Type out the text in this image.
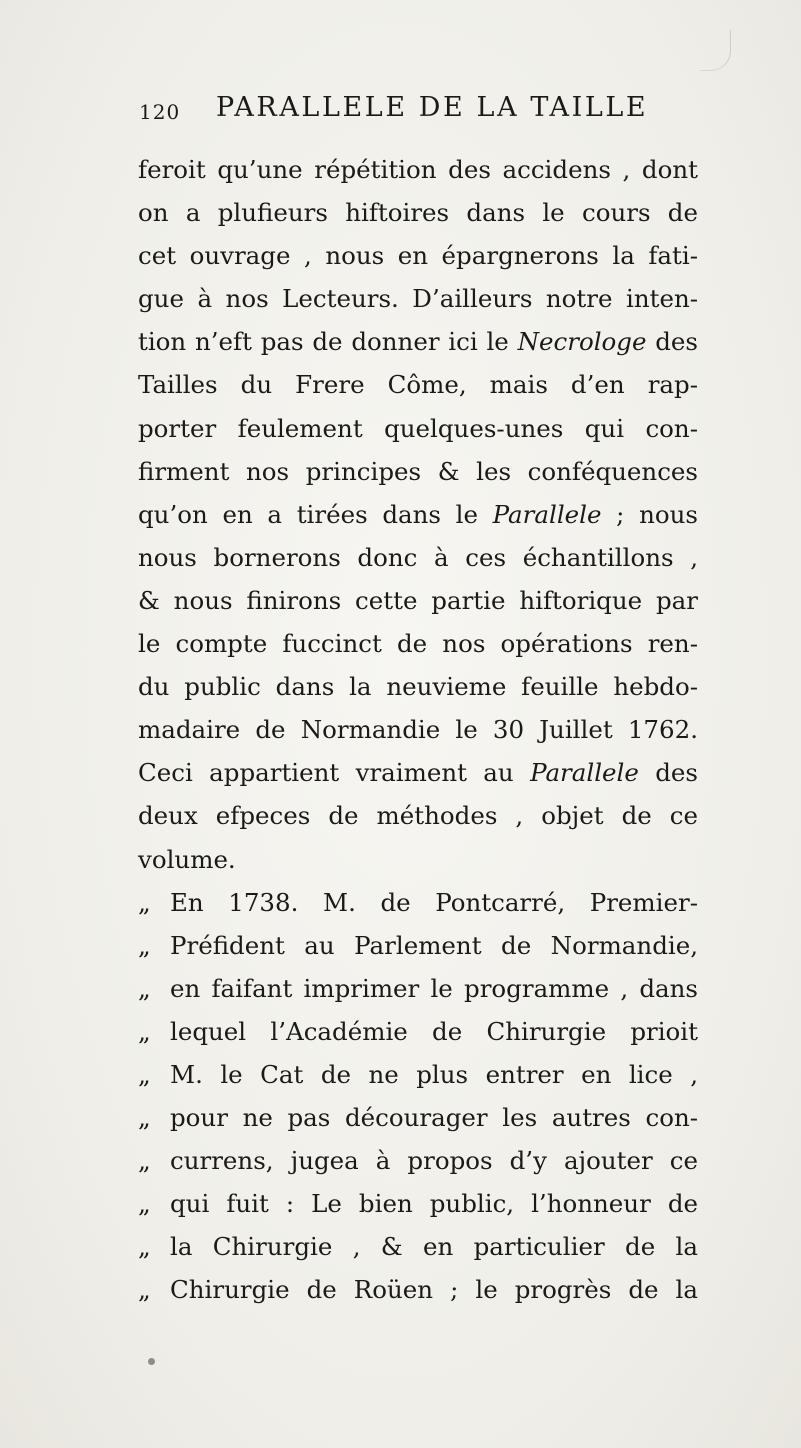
120 PARALLELE DE LA TAILLE
feroit qu’une répétition des accidens , dont
on a plufieurs hiftoires dans le cours de
cet ouvrage , nous en épargnerons la fati-
gue à nos Lecteurs. D’ailleurs notre inten-
tion n’eft pas de donner ici le Necrologe des
Tailles du Frere Côme, mais d’en rap-
porter feulement quelques-unes qui con-
firment nos principes & les conféquences
qu’on en a tirées dans le Parallele ; nous
nous bornerons donc à ces échantillons ,
& nous finirons cette partie hiftorique par
le compte fuccinct de nos opérations ren-
du public dans la neuvieme feuille hebdo-
madaire de Normandie le 30 Juillet 1762.
Ceci appartient vraiment au Parallele des
deux efpeces de méthodes , objet de ce
volume.
„ En 1738. M. de Pontcarré, Premier-
„ Préfident au Parlement de Normandie,
„ en faifant imprimer le programme , dans
„ lequel l’Académie de Chirurgie prioit
„ M. le Cat de ne plus entrer en lice ,
„ pour ne pas décourager les autres con-
„ currens, jugea à propos d’y ajouter ce
„ qui fuit : Le bien public, l’honneur de
„ la Chirurgie , & en particulier de la
„ Chirurgie de Roüen ; le progrès de la
